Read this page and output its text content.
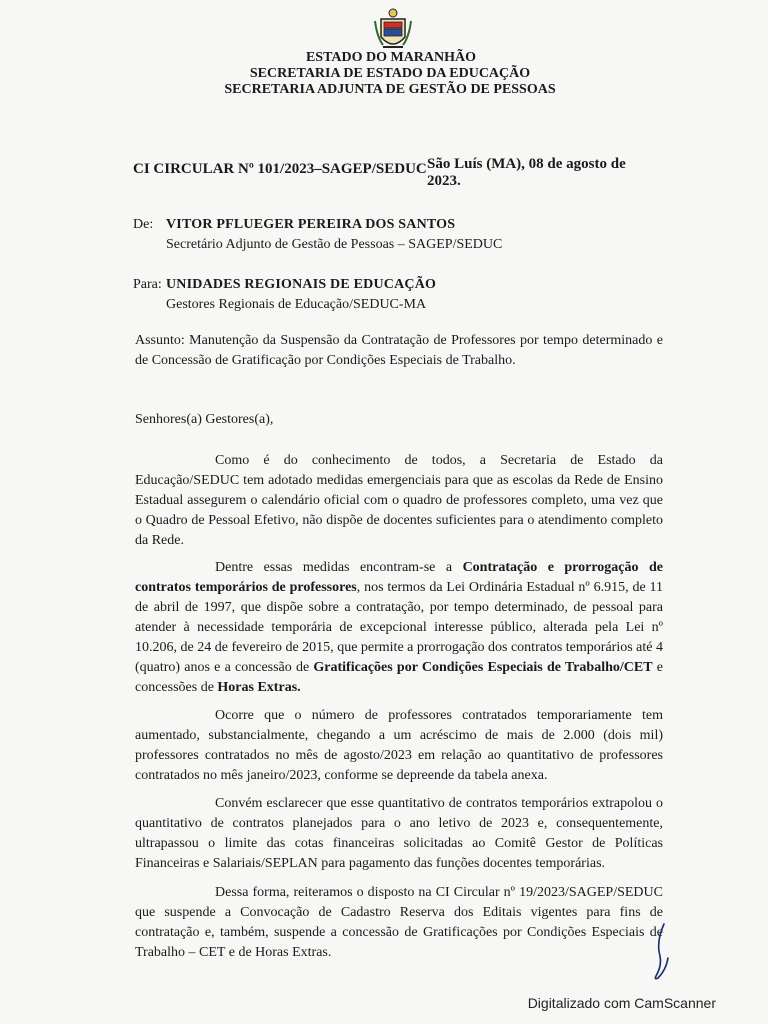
ESTADO DO MARANHÃO
SECRETARIA DE ESTADO DA EDUCAÇÃO
SECRETARIA ADJUNTA DE GESTÃO DE PESSOAS
CI CIRCULAR Nº 101/2023–SAGEP/SEDUC São Luís (MA), 08 de agosto de 2023.
De: VITOR PFLUEGER PEREIRA DOS SANTOS
Secretário Adjunto de Gestão de Pessoas – SAGEP/SEDUC
Para: UNIDADES REGIONAIS DE EDUCAÇÃO
Gestores Regionais de Educação/SEDUC-MA

Assunto: Manutenção da Suspensão da Contratação de Professores por tempo determinado e de Concessão de Gratificação por Condições Especiais de Trabalho.

Senhores(a) Gestores(a),

Como é do conhecimento de todos, a Secretaria de Estado da Educação/SEDUC tem adotado medidas emergenciais para que as escolas da Rede de Ensino Estadual assegurem o calendário oficial com o quadro de professores completo, uma vez que o Quadro de Pessoal Efetivo, não dispõe de docentes suficientes para o atendimento completo da Rede.

Dentre essas medidas encontram-se a Contratação e prorrogação de contratos temporários de professores, nos termos da Lei Ordinária Estadual nº 6.915, de 11 de abril de 1997, que dispõe sobre a contratação, por tempo determinado, de pessoal para atender à necessidade temporária de excepcional interesse público, alterada pela Lei nº 10.206, de 24 de fevereiro de 2015, que permite a prorrogação dos contratos temporários até 4 (quatro) anos e a concessão de Gratificações por Condições Especiais de Trabalho/CET e concessões de Horas Extras.

Ocorre que o número de professores contratados temporariamente tem aumentado, substancialmente, chegando a um acréscimo de mais de 2.000 (dois mil) professores contratados no mês de agosto/2023 em relação ao quantitativo de professores contratados no mês janeiro/2023, conforme se depreende da tabela anexa.

Convém esclarecer que esse quantitativo de contratos temporários extrapolou o quantitativo de contratos planejados para o ano letivo de 2023 e, consequentemente, ultrapassou o limite das cotas financeiras solicitadas ao Comitê Gestor de Políticas Financeiras e Salariais/SEPLAN para pagamento das funções docentes temporárias.

Dessa forma, reiteramos o disposto na CI Circular nº 19/2023/SAGEP/SEDUC que suspende a Convocação de Cadastro Reserva dos Editais vigentes para fins de contratação e, também, suspende a concessão de Gratificações por Condições Especiais de Trabalho – CET e de Horas Extras.

Digitalizado com CamScanner
